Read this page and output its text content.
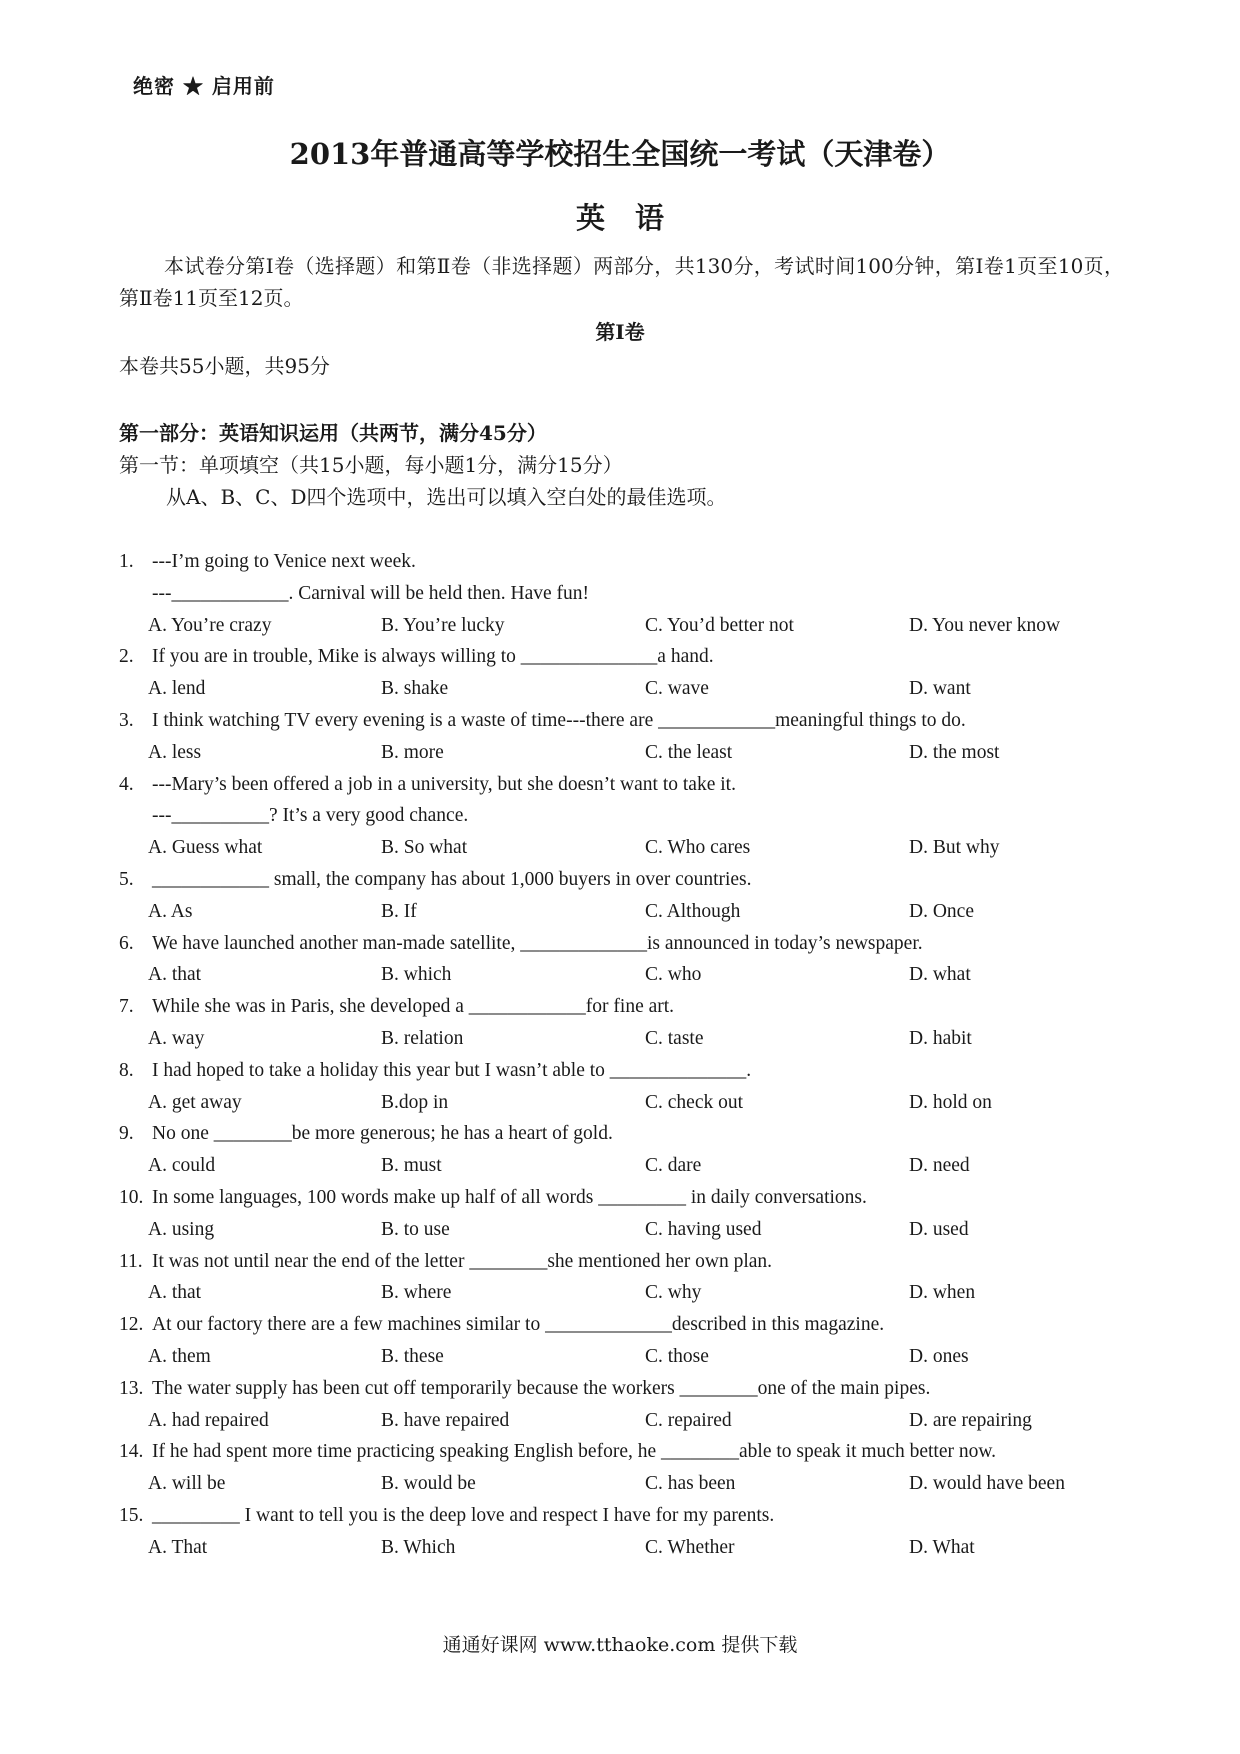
绝密 ★ 启用前
2013年普通高等学校招生全国统一考试（天津卷）
英语
本试卷分第Ⅰ卷（选择题）和第Ⅱ卷（非选择题）两部分，共130分，考试时间100分钟，第Ⅰ卷1页至10页，第Ⅱ卷11页至12页。
第Ⅰ卷
本卷共55小题，共95分
第一部分：英语知识运用（共两节，满分45分）
第一节：单项填空（共15小题，每小题1分，满分15分）
从A、B、C、D四个选项中，选出可以填入空白处的最佳选项。
1. ---I’m going to Venice next week.
---____________. Carnival will be held then. Have fun!
A. You’re crazy	B. You’re lucky	C. You’d better not	D. You never know
2. If you are in trouble, Mike is always willing to ______________a hand.
A. lend	B. shake	C. wave	D. want
3. I think watching TV every evening is a waste of time---there are ____________meaningful things to do.
A. less	B. more	C. the least	D. the most
4. ---Mary’s been offered a job in a university, but she doesn’t want to take it.
---__________? It’s a very good chance.
A. Guess what	B. So what	C. Who cares	D. But why
5. ____________ small, the company has about 1,000 buyers in over countries.
A. As	B. If	C. Although	D. Once
6. We have launched another man-made satellite, _____________is announced in today’s newspaper.
A. that	B. which	C. who	D. what
7. While she was in Paris, she developed a ____________for fine art.
A. way	B. relation	C. taste	D. habit
8. I had hoped to take a holiday this year but I wasn’t able to ______________.
A. get away	B.dop in	C. check out	D. hold on
9. No one ________be more generous; he has a heart of gold.
A. could	B. must	C. dare	D. need
10. In some languages, 100 words make up half of all words _________ in daily conversations.
A. using	B. to use	C. having used	D. used
11. It was not until near the end of the letter ________she mentioned her own plan.
A. that	B. where	C. why	D. when
12. At our factory there are a few machines similar to _____________described in this magazine.
A. them	B. these	C. those	D. ones
13. The water supply has been cut off temporarily because the workers ________one of the main pipes.
A. had repaired	B. have repaired	C. repaired	D. are repairing
14. If he had spent more time practicing speaking English before, he ________able to speak it much better now.
A. will be	B. would be	C. has been	D. would have been
15. _________ I want to tell you is the deep love and respect I have for my parents.
A. That	B. Which	C. Whether	D. What
通通好课网 www.tthaoke.com 提供下载
